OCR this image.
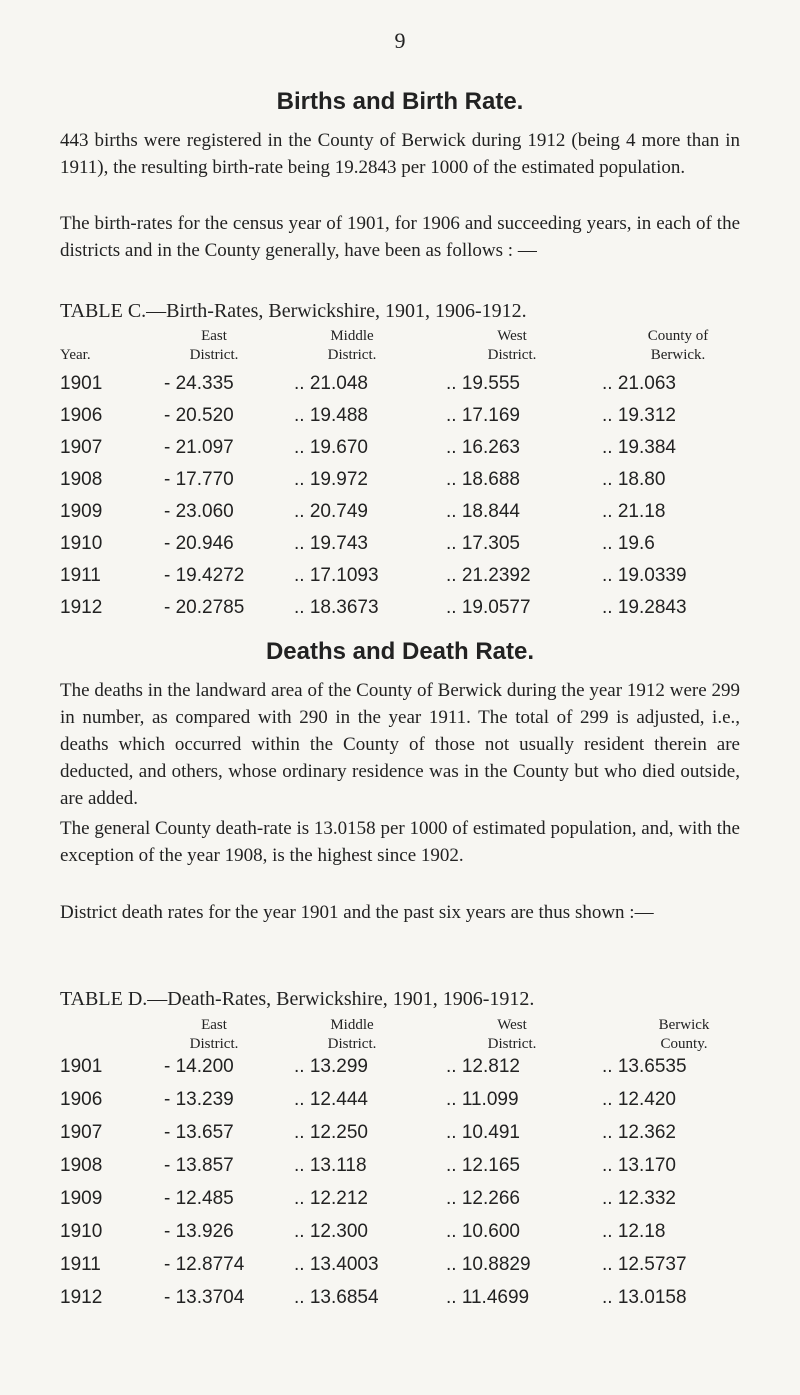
9
Births and Birth Rate.

443 births were registered in the County of Berwick during 1912 (being 4 more than in 1911), the resulting birth-rate being 19.2843 per 1000 of the estimated population.

The birth-rates for the census year of 1901, for 1906 and succeeding years, in each of the districts and in the County generally, have been as follows : —

TABLE C.—Birth-Rates, Berwickshire, 1901, 1906-1912.
Year.
East
District.
Middle
District.
West
District.
County of
Berwick.
1901	- 24.335	.. 21.048	.. 19.555	.. 21.063
1906	- 20.520	.. 19.488	.. 17.169	.. 19.312
1907	- 21.097	.. 19.670	.. 16.263	.. 19.384
1908	- 17.770	.. 19.972	.. 18.688	.. 18.80
1909	- 23.060	.. 20.749	.. 18.844	.. 21.18
1910	- 20.946	.. 19.743	.. 17.305	.. 19.6
1911	- 19.4272	.. 17.1093	.. 21.2392	.. 19.0339
1912	- 20.2785	.. 18.3673	.. 19.0577	.. 19.2843
Deaths and Death Rate.

The deaths in the landward area of the County of Berwick during the year 1912 were 299 in number, as compared with 290 in the year 1911. The total of 299 is adjusted, i.e., deaths which occurred within the County of those not usually resident therein are deducted, and others, whose ordinary residence was in the County but who died outside, are added.

The general County death-rate is 13.0158 per 1000 of estimated population, and, with the exception of the year 1908, is the highest since 1902.

District death rates for the year 1901 and the past six years are thus shown :—

TABLE D.—Death-Rates, Berwickshire, 1901, 1906-1912.
East
District.
Middle
District.
West
District.
Berwick
County.
1901	- 14.200	.. 13.299	.. 12.812	.. 13.6535
1906	- 13.239	.. 12.444	.. 11.099	.. 12.420
1907	- 13.657	.. 12.250	.. 10.491	.. 12.362
1908	- 13.857	.. 13.118	.. 12.165	.. 13.170
1909	- 12.485	.. 12.212	.. 12.266	.. 12.332
1910	- 13.926	.. 12.300	.. 10.600	.. 12.18
1911	- 12.8774	.. 13.4003	.. 10.8829	.. 12.5737
1912	- 13.3704	.. 13.6854	.. 11.4699	.. 13.0158
